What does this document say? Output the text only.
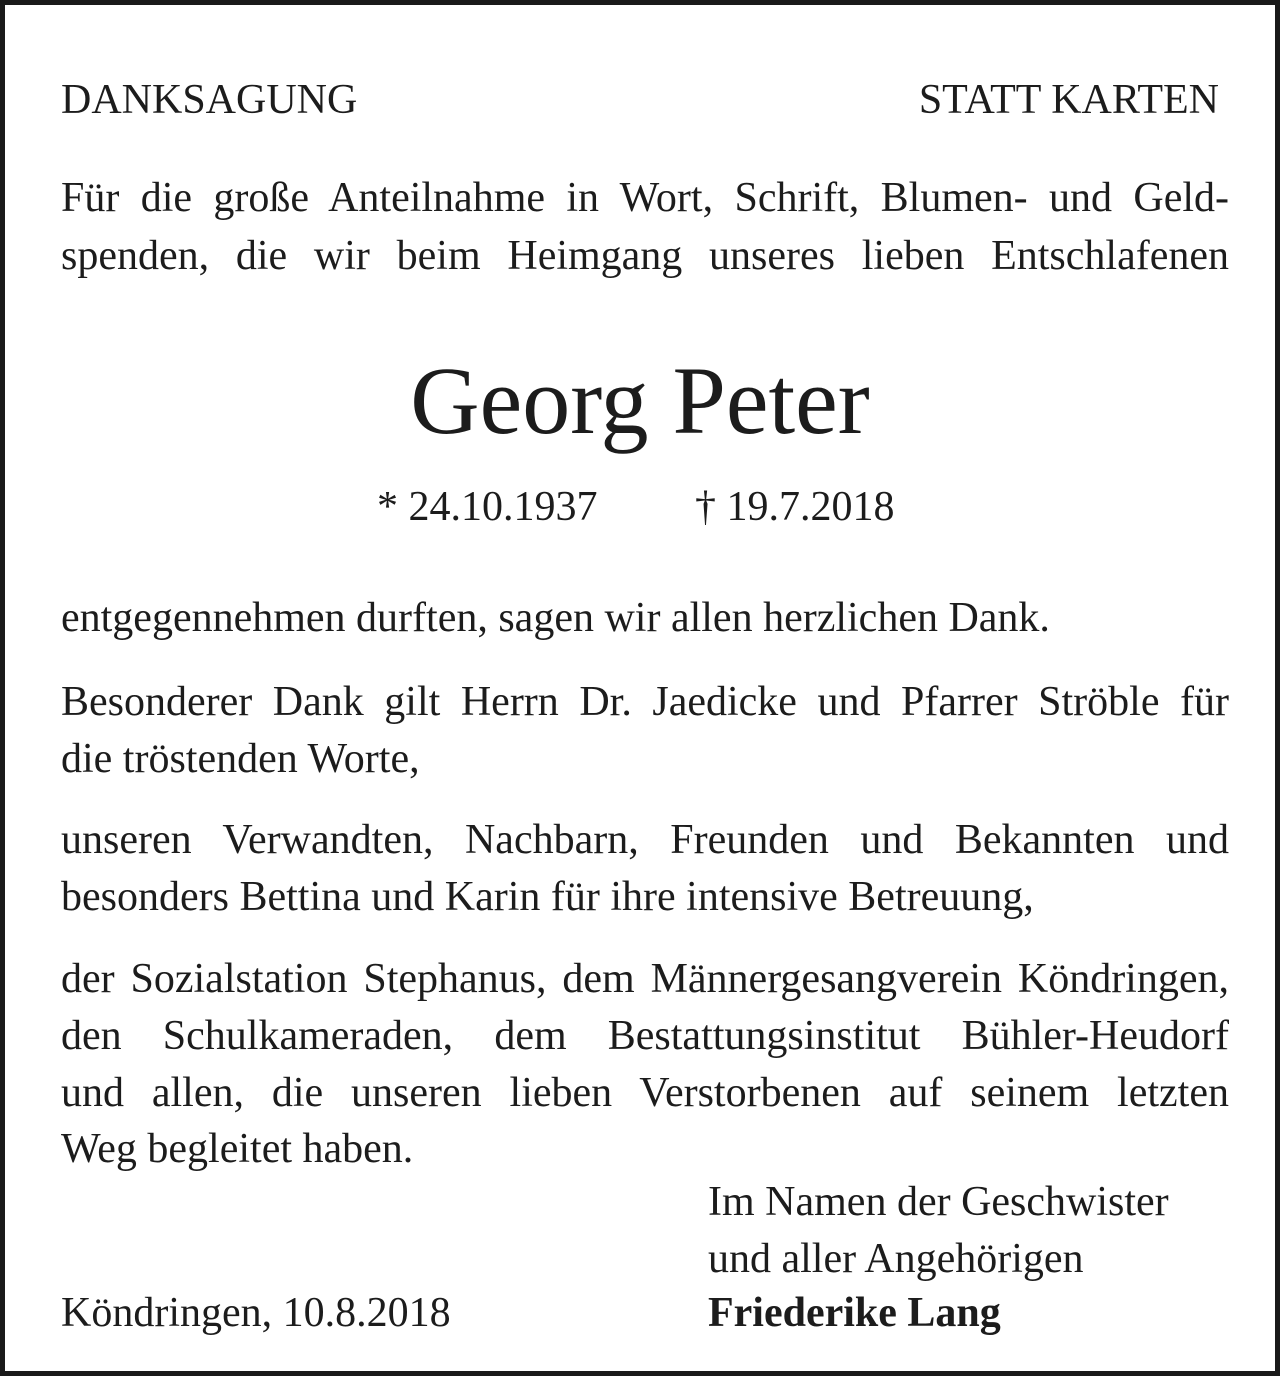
DANKSAGUNG	STATT KARTEN
Für die große Anteilnahme in Wort, Schrift, Blumen- und Geld-
spenden, die wir beim Heimgang unseres lieben Entschlafenen
Georg Peter
* 24.10.1937 † 19.7.2018
entgegennehmen durften, sagen wir allen herzlichen Dank.
Besonderer Dank gilt Herrn Dr. Jaedicke und Pfarrer Ströble für
die tröstenden Worte,
unseren Verwandten, Nachbarn, Freunden und Bekannten und
besonders Bettina und Karin für ihre intensive Betreuung,
der Sozialstation Stephanus, dem Männergesangverein Köndringen,
den Schulkameraden, dem Bestattungsinstitut Bühler-Heudorf
und allen, die unseren lieben Verstorbenen auf seinem letzten
Weg begleitet haben.
Im Namen der Geschwister
und aller Angehörigen
Friederike Lang
Köndringen, 10.8.2018
